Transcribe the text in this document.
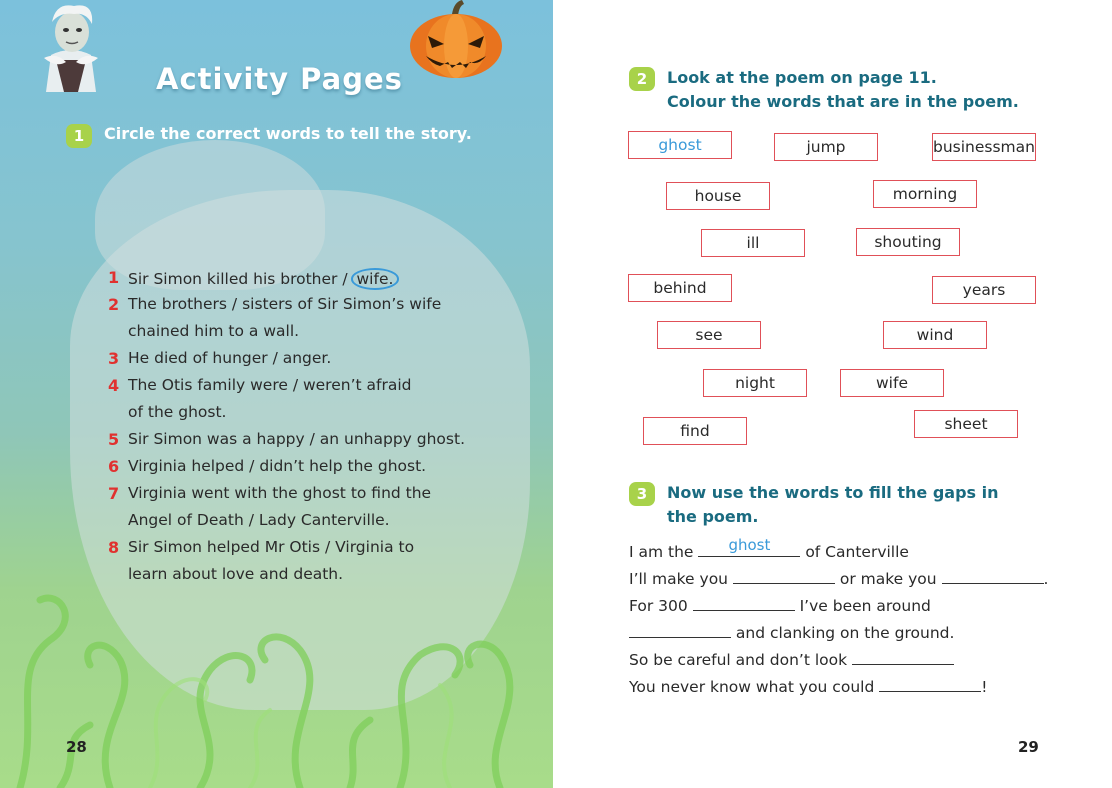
Activity Pages
1	Circle the correct words to tell the story.
1 Sir Simon killed his brother / wife.
2 The brothers / sisters of Sir Simon’s wife
chained him to a wall.
3 He died of hunger / anger.
4 The Otis family were / weren’t afraid
of the ghost.
5 Sir Simon was a happy / an unhappy ghost.
6 Virginia helped / didn’t help the ghost.
7 Virginia went with the ghost to find the
Angel of Death / Lady Canterville.
8 Sir Simon helped Mr Otis / Virginia to
learn about love and death.
28
2	Look at the poem on page 11.
Colour the words that are in the poem.
ghost	jump	businessman
house	morning
ill	shouting
behind	years
see	wind
night	wife
find	sheet
3	Now use the words to fill the gaps in
the poem.
I am the	ghost	of Canterville
I’ll make you	or make you	.
For 300	I’ve been around
and clanking on the ground.
So be careful and don’t look
You never know what you could	!
29
